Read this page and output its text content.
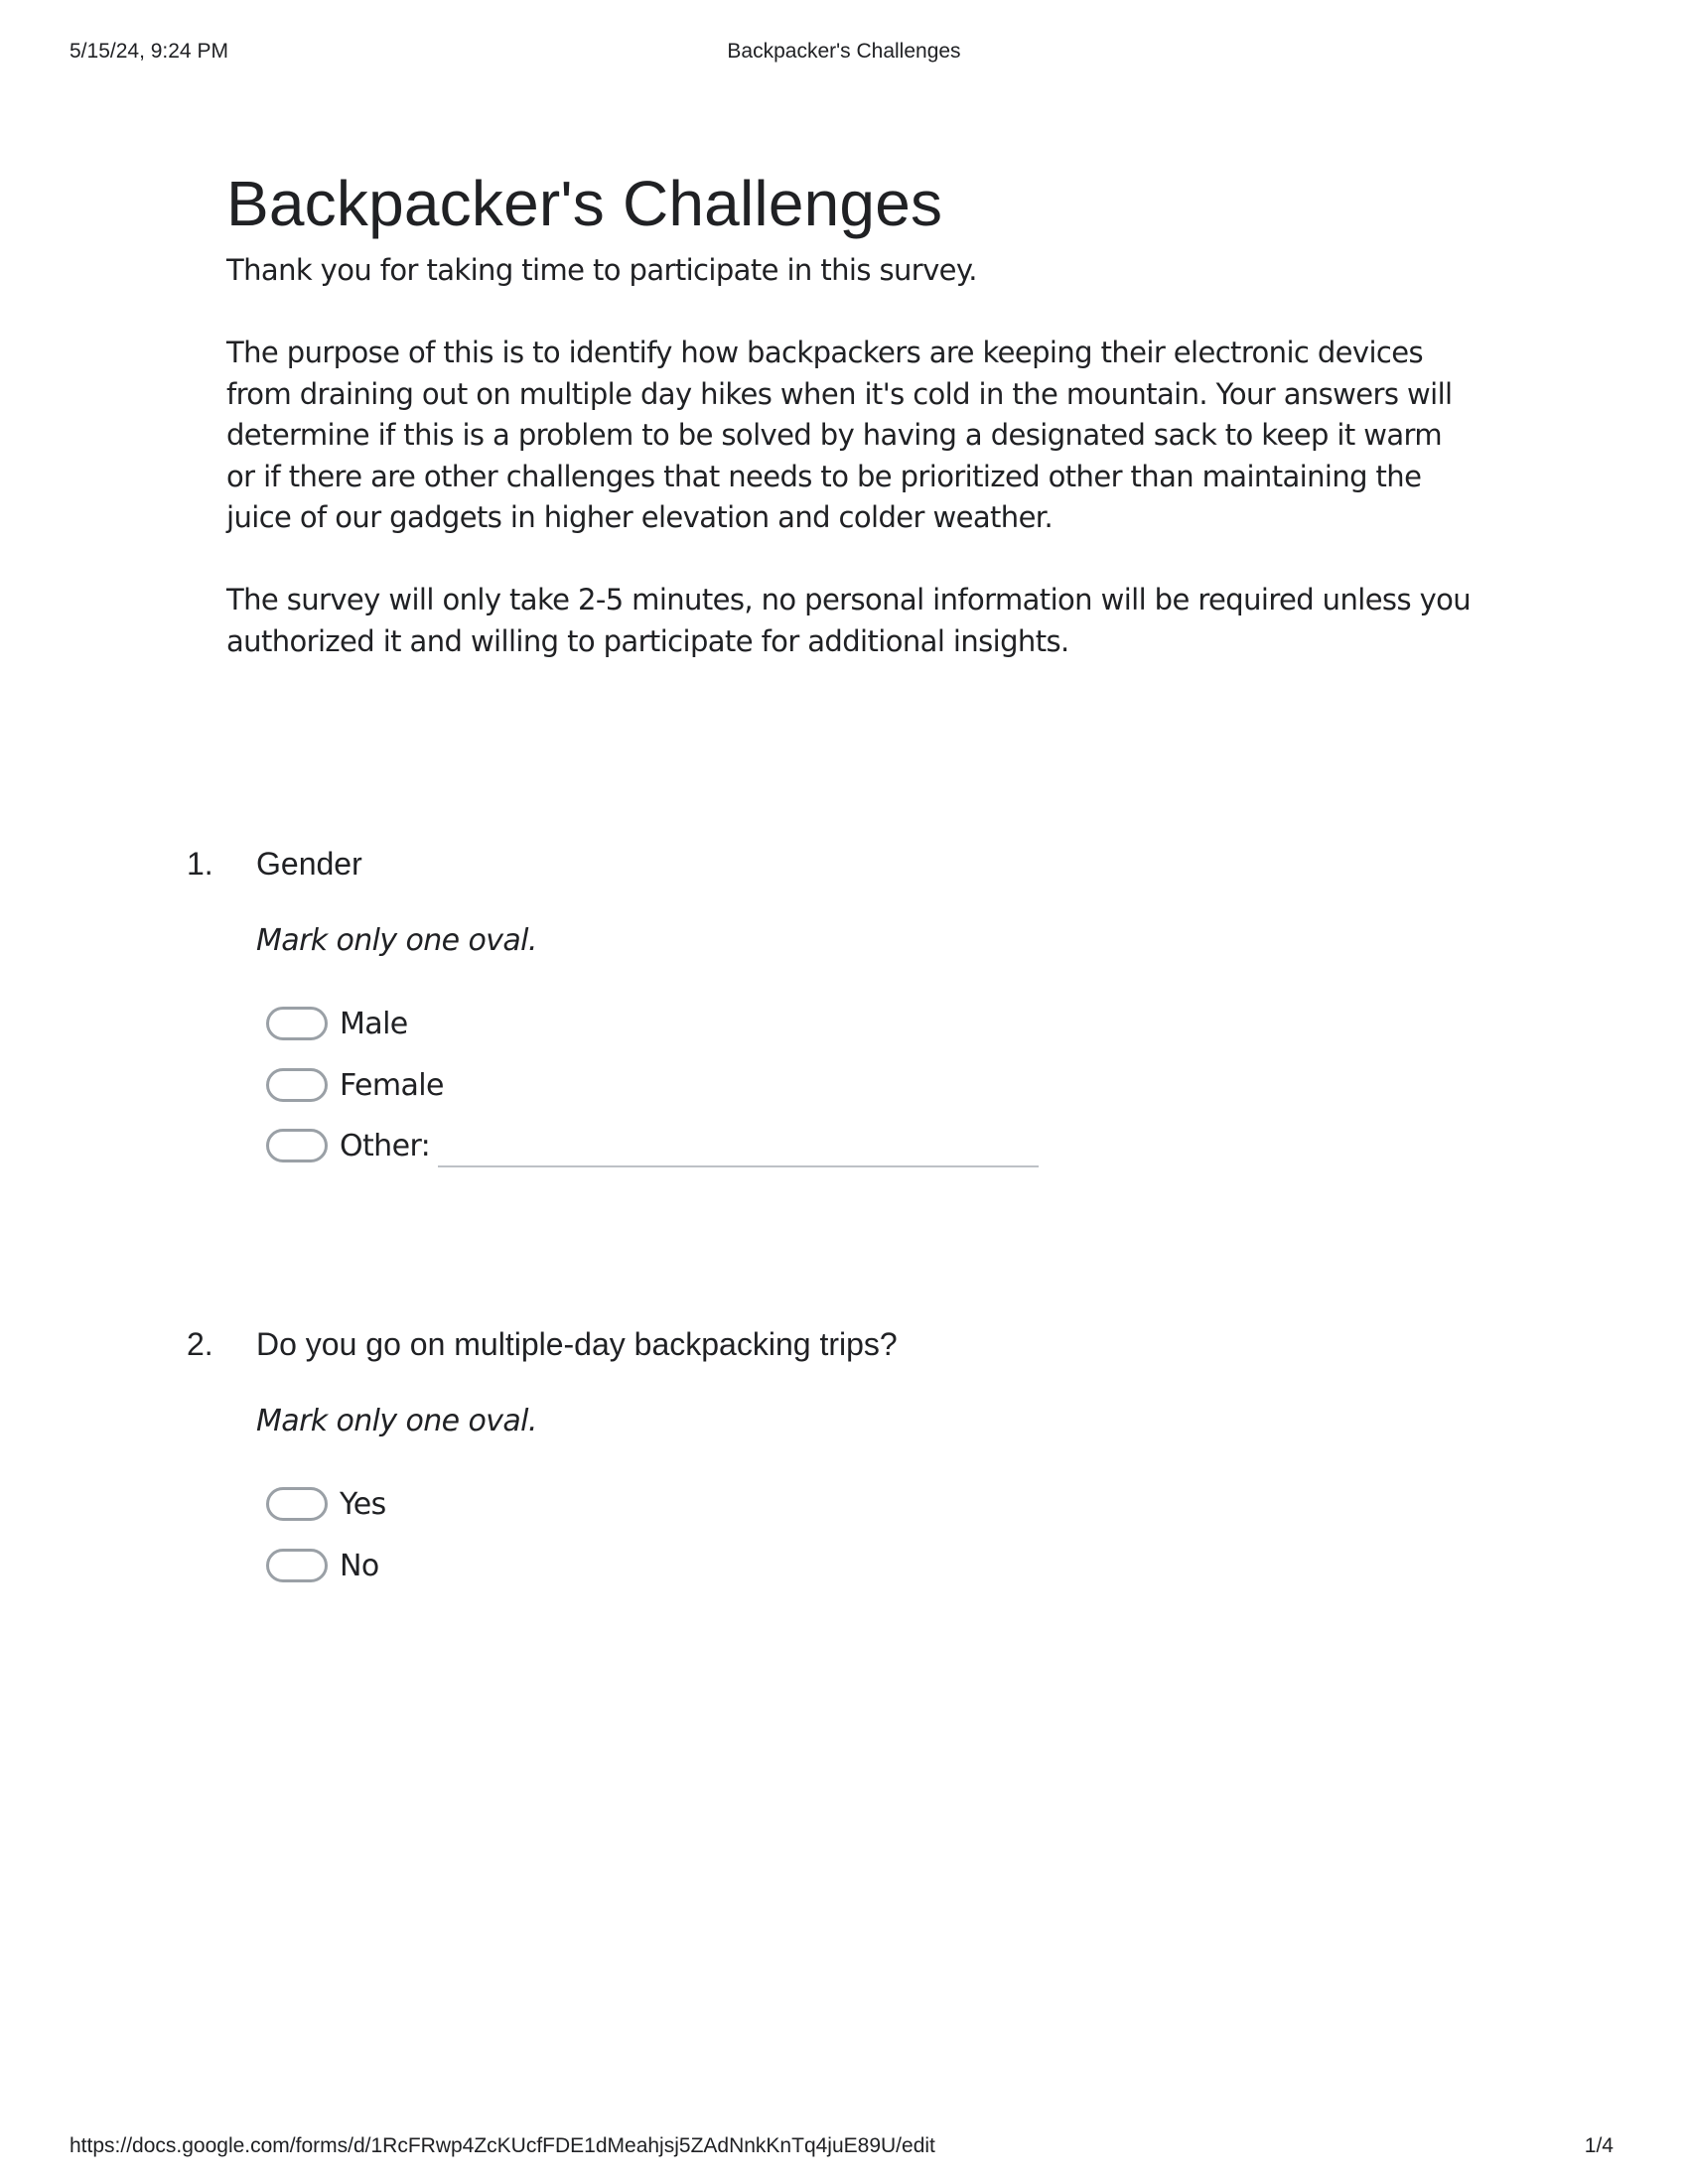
5/15/24, 9:24 PM	Backpacker's Challenges
Backpacker's Challenges

Thank you for taking time to participate in this survey.

The purpose of this is to identify how backpackers are keeping their electronic devices from draining out on multiple day hikes when it's cold in the mountain. Your answers will determine if this is a problem to be solved by having a designated sack to keep it warm or if there are other challenges that needs to be prioritized other than maintaining the juice of our gadgets in higher elevation and colder weather.

The survey will only take 2-5 minutes, no personal information will be required unless you authorized it and willing to participate for additional insights.

1. Gender
Mark only one oval.
Male
Female
Other:
2. Do you go on multiple-day backpacking trips?
Mark only one oval.
Yes
No
https://docs.google.com/forms/d/1RcFRwp4ZcKUcfFDE1dMeahjsj5ZAdNnkKnTq4juE89U/edit	1/4
